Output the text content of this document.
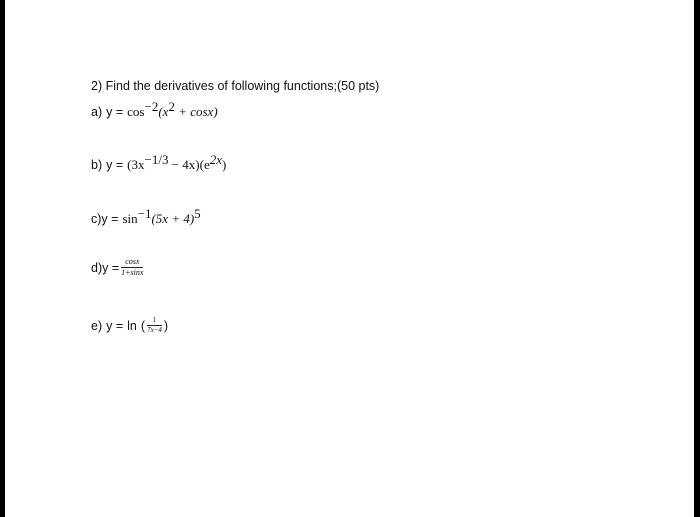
2) Find the derivatives of following functions;(50 pts)
a) $y = \cos^{-2} (x^2 + \cos x)$
b) $y = (3x^{-1/3} - 4x)(e^{2x}$ )
c) $y = \sin^{-1} (5x + 4)^5$
d) $y = \frac{\cos x}{1+\sin x}$
e) y = ln ( $\frac{1}{7x-4}$ )
